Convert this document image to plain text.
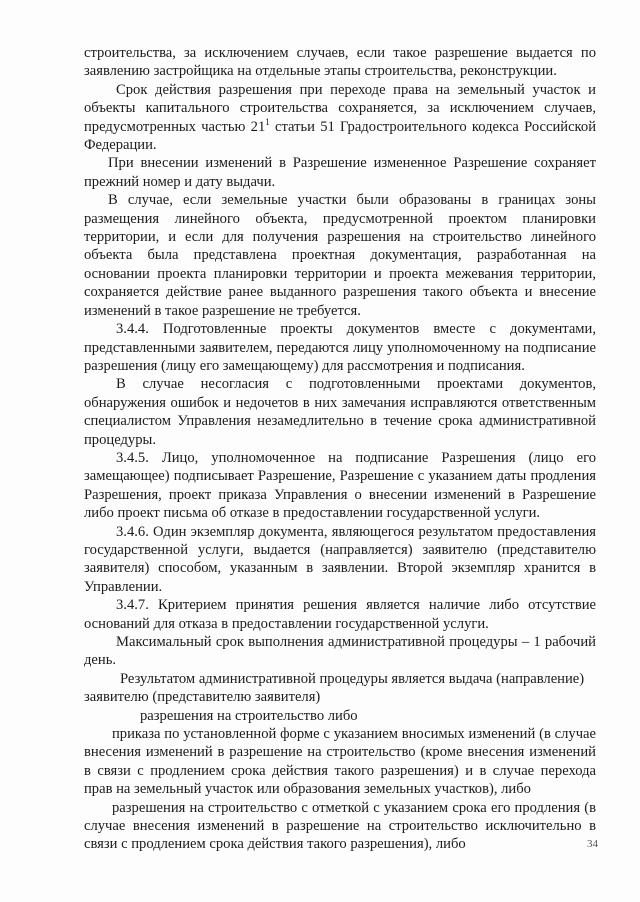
строительства, за исключением случаев, если такое разрешение выдается по заявлению застройщика на отдельные этапы строительства, реконструкции.

Срок действия разрешения при переходе права на земельный участок и объекты капитального строительства сохраняется, за исключением случаев, предусмотренных частью $21^1$ статьи 51 Градостроительного кодекса Российской Федерации.

При внесении изменений в Разрешение измененное Разрешение сохраняет прежний номер и дату выдачи.

В случае, если земельные участки были образованы в границах зоны размещения линейного объекта, предусмотренной проектом планировки территории, и если для получения разрешения на строительство линейного объекта была представлена проектная документация, разработанная на основании проекта планировки территории и проекта межевания территории, сохраняется действие ранее выданного разрешения такого объекта и внесение изменений в такое разрешение не требуется.

3.4.4. Подготовленные проекты документов вместе с документами, представленными заявителем, передаются лицу уполномоченному на подписание разрешения (лицу его замещающему) для рассмотрения и подписания.

В случае несогласия с подготовленными проектами документов, обнаружения ошибок и недочетов в них замечания исправляются ответственным специалистом Управления незамедлительно в течение срока административной процедуры.

3.4.5. Лицо, уполномоченное на подписание Разрешения (лицо его замещающее) подписывает Разрешение, Разрешение с указанием даты продления Разрешения, проект приказа Управления о внесении изменений в Разрешение либо проект письма об отказе в предоставлении государственной услуги.

3.4.6. Один экземпляр документа, являющегося результатом предоставления государственной услуги, выдается (направляется) заявителю (представителю заявителя) способом, указанным в заявлении. Второй экземпляр хранится в Управлении.

3.4.7. Критерием принятия решения является наличие либо отсутствие оснований для отказа в предоставлении государственной услуги.

Максимальный срок выполнения административной процедуры – 1 рабочий день.

Результатом административной процедуры является выдача (направление) заявителю (представителю заявителя)

разрешения на строительство либо

приказа по установленной форме с указанием вносимых изменений (в случае внесения изменений в разрешение на строительство (кроме внесения изменений в связи с продлением срока действия такого разрешения) и в случае перехода прав на земельный участок или образования земельных участков), либо

разрешения на строительство с отметкой с указанием срока его продления (в случае внесения изменений в разрешение на строительство исключительно в связи с продлением срока действия такого разрешения), либо	34
